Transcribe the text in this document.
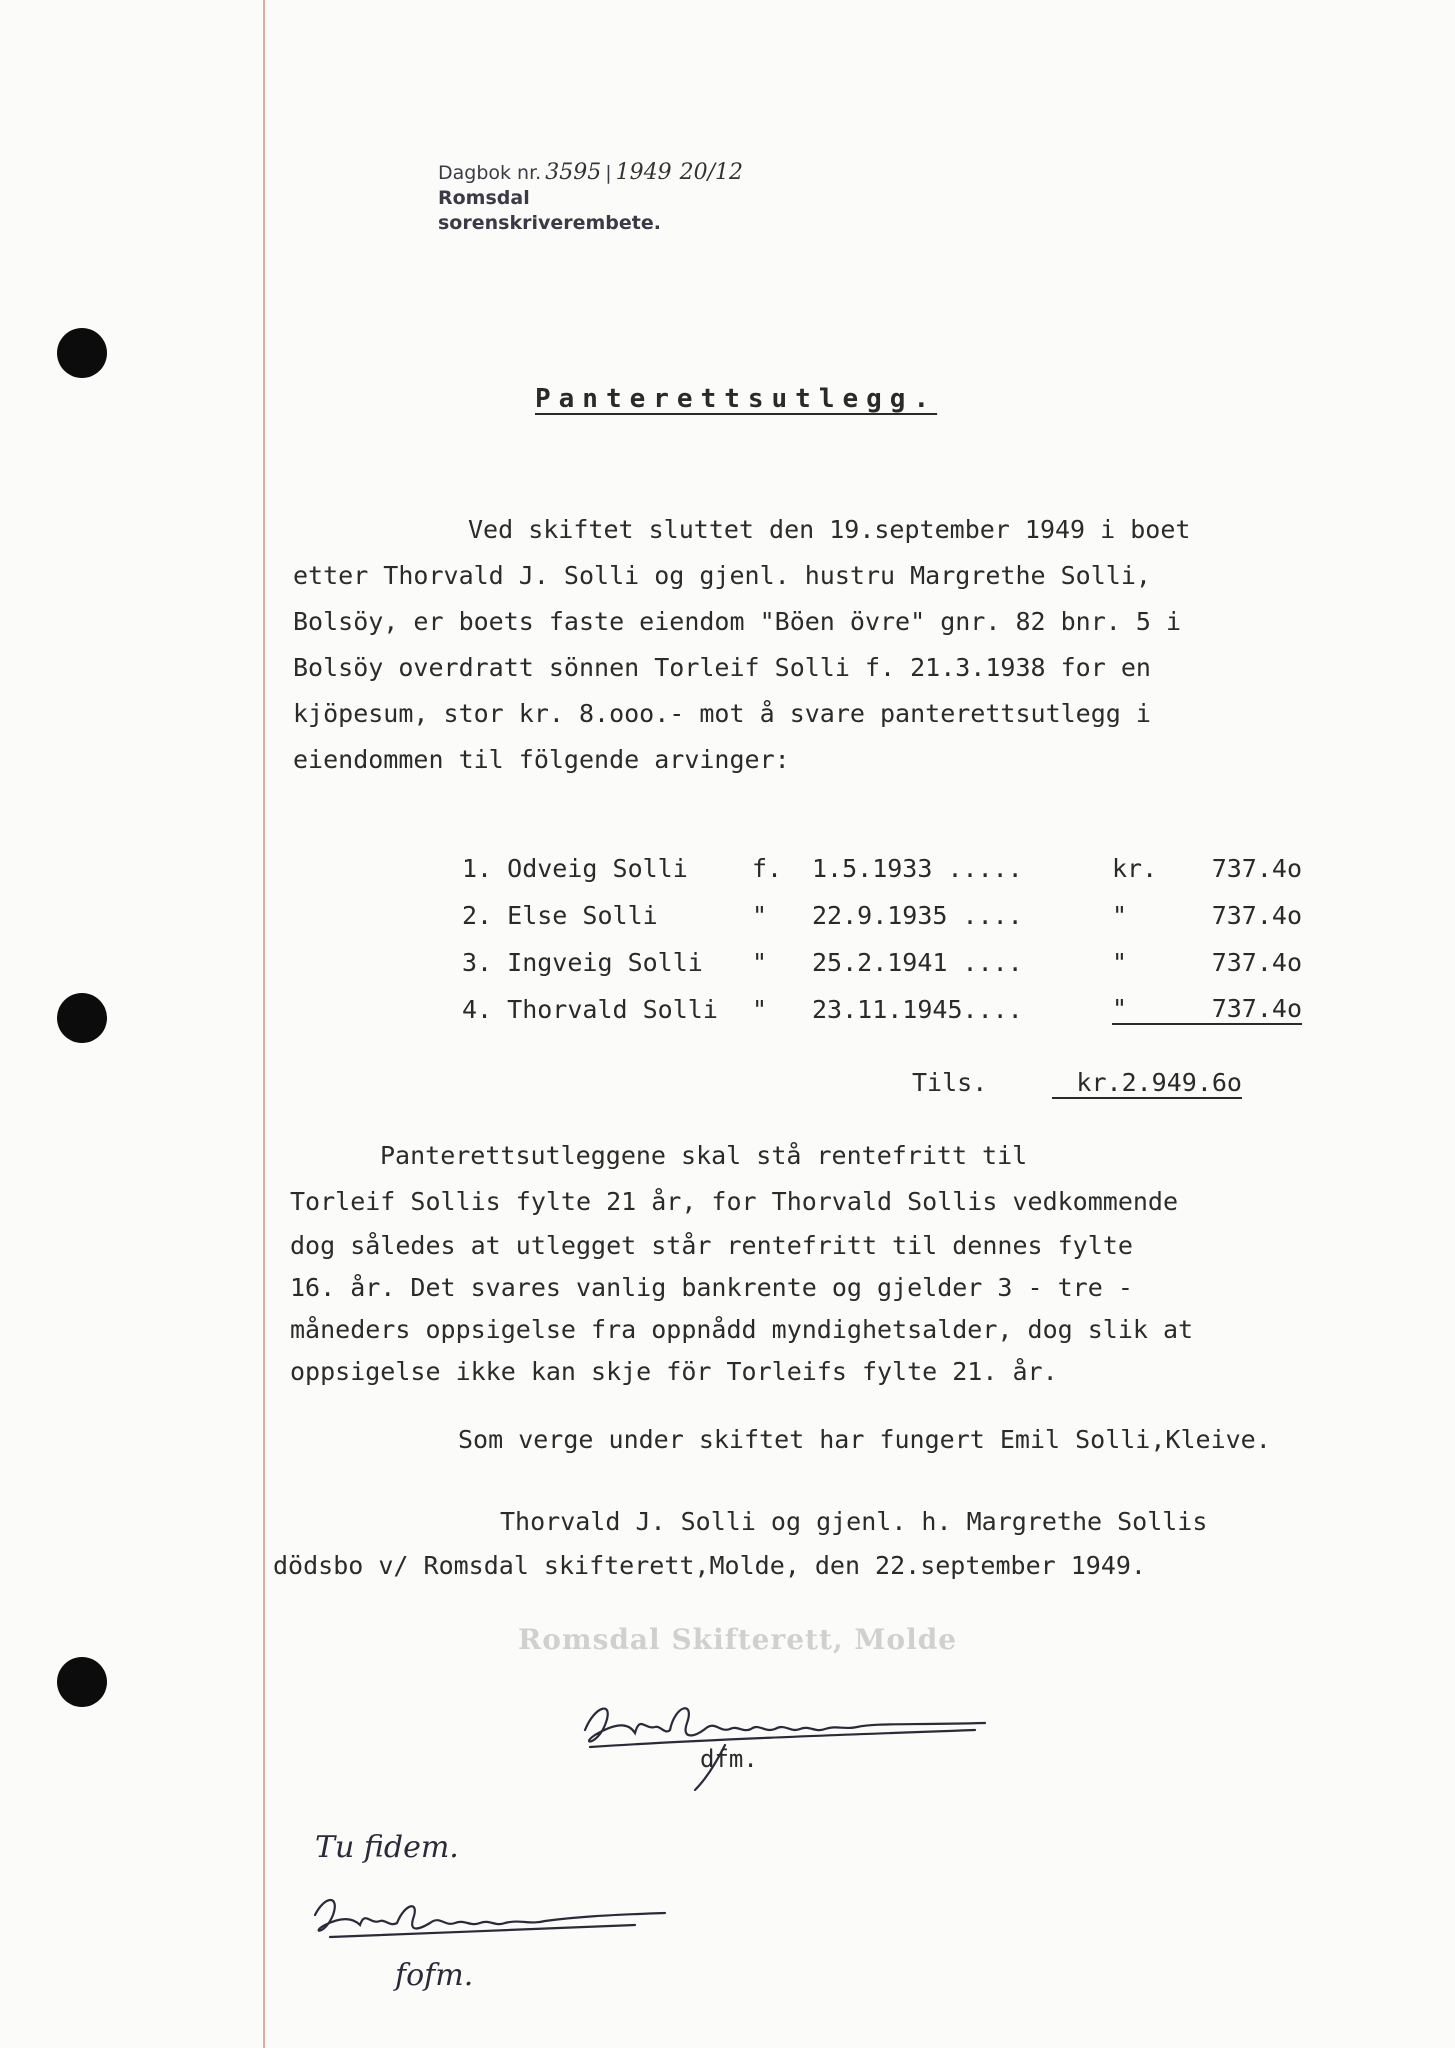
Dagbok nr. 3595 | 1949 20/12
Romsdal sorenskriverembete.
Panterettsutlegg.
Ved skiftet sluttet den 19.september 1949 i boet
etter Thorvald J. Solli og gjenl. hustru Margrethe Solli,
Bolsöy, er boets faste eiendom "Böen övre" gnr. 82 bnr. 5 i
Bolsöy overdratt sönnen Torleif Solli f. 21.3.1938 for en
kjöpesum, stor kr. 8.ooo.- mot å svare panterettsutlegg i
eiendommen til fölgende arvinger:
1. Odveig Solli	f.	1.5.1933 .....	kr.	737.4o
2. Else Solli	"	22.9.1935 ....	"	737.4o
3. Ingveig Solli	"	25.2.1941 ....	"	737.4o
4. Thorvald Solli	"	23.11.1945....	"	737.4o
Tils.	kr.2.949.6o
Panterettsutleggene skal stå rentefritt til
Torleif Sollis fylte 21 år, for Thorvald Sollis vedkommende
dog således at utlegget står rentefritt til dennes fylte
16. år. Det svares vanlig bankrente og gjelder 3 - tre -
måneders oppsigelse fra oppnådd myndighetsalder, dog slik at
oppsigelse ikke kan skje för Torleifs fylte 21. år.
Som verge under skiftet har fungert Emil Solli,Kleive.
Thorvald J. Solli og gjenl. h. Margrethe Sollis
dödsbo v/ Romsdal skifterett,Molde, den 22.september 1949.
Romsdal Skifterett, Molde
dfm.
Tu fidem.
fofm.
